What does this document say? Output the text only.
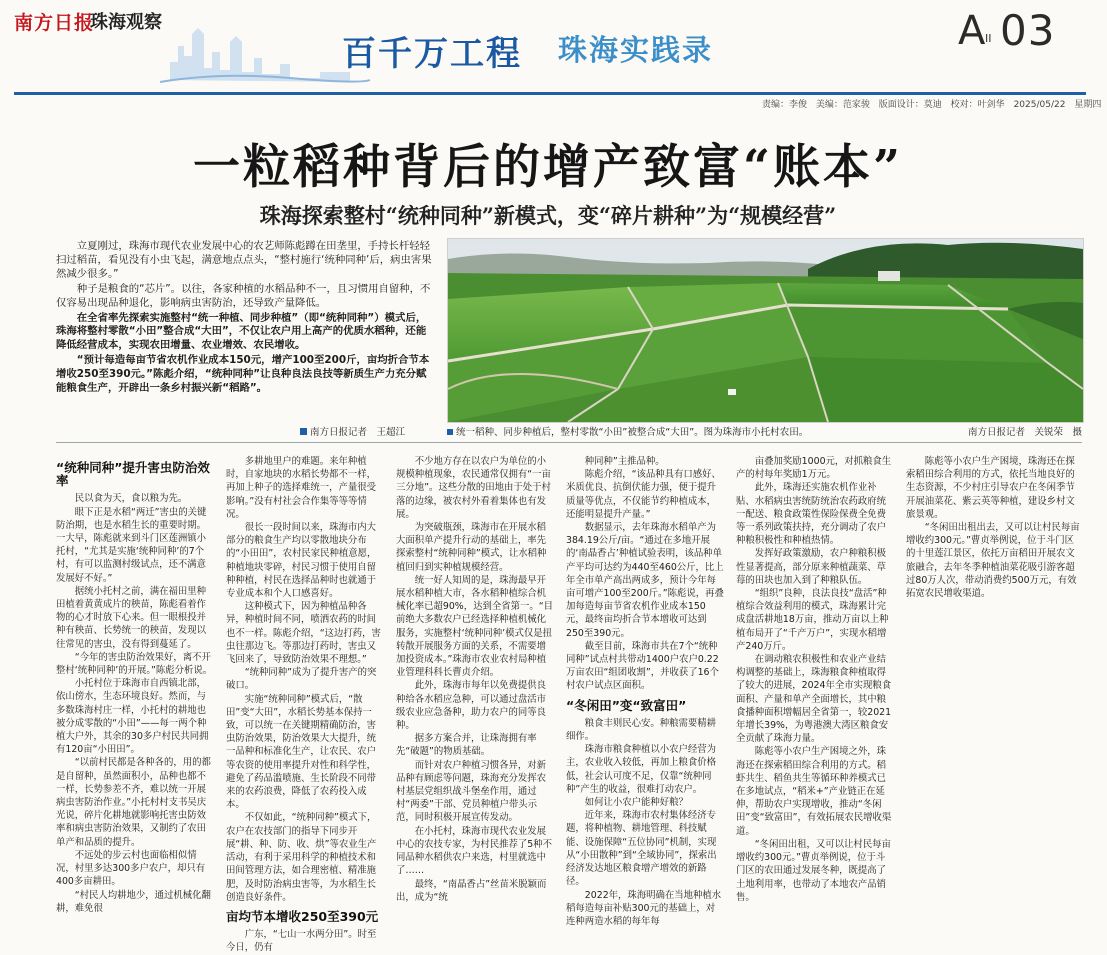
南方日报
珠海观察
百千万工程 珠海实践录	A II 03
责编：李俊 美编：范家骏 版面设计：莫迪 校对：叶剑华 2025/05/22 星期四
一粒稻种背后的增产致富“账本”
珠海探索整村“统种同种”新模式，变“碎片耕种”为“规模经营”

立夏刚过，珠海市现代农业发展中心的农艺师陈彪蹲在田垄里，手持长杆轻轻扫过稻苗，看见没有小虫飞起，满意地点点头，“整村施行‘统种同种’后，病虫害果然减少很多。”

种子是粮食的“芯片”。以往，各家种植的水稻品种不一，且习惯用自留种，不仅容易出现品种退化，影响病虫害防治，还导致产量降低。

在全省率先探索实施整村“统一种植、同步种植”（即“统种同种”）模式后，珠海将整村零散“小田”整合成“大田”，不仅让农户用上高产的优质水稻种，还能降低经营成本，实现农田增量、农业增效、农民增收。

“预计每造每亩节省农机作业成本150元，增产100至200斤，亩均折合节本增收250至390元。”陈彪介绍，“统种同种”让良种良法良技等新质生产力充分赋能粮食生产，开辟出一条乡村振兴新“稻路”。

南方日报记者　王超江	统一稻种、同步种植后，整村零散“小田”被整合成“大田”。图为珠海市小托村农田。	南方日报记者　关锐荣　摄
“统种同种”提升害虫防治效率

民以食为天，食以粮为先。

眼下正是水稻“两迁”害虫的关键防治期，也是水稻生长的重要时期。一大早，陈彪就来到斗门区莲洲镇小托村，“尤其是实施‘统种同种’的7个村，有可以监测村级试点，还不满意发展好不好。”

据统小托村之前，满在福田里种田植着黄黄成片的秧苗，陈彪看着作物的心才时放下心来。但一眼根投并种有秧苗、长势统一的秧苗，发现以往常见的害虫，没有得到蔓延了。

“今年的害虫防治效果好，离不开整村‘统种同种’的开展。”陈彪分析说。

小托村位于珠海市自西镇北部，依山傍水，生态环境良好。然而，与多数珠海村庄一样，小托村的耕地也被分成零散的“小田”——每一两个种植大户外，其余的30多户村民共同拥有120亩“小田田”。

“以前村民都是各种各的，用的都是自留种，虽然面积小，品种也都不一样，长势参差不齐，难以统一开展病虫害防治作业。”小托村村支书吴庆光说，碎片化耕地就影响托害虫防效率和病虫害防治效果，又制约了农田单产和品质的提升。

不远处的步云村也面临相似情况，村里多达300多户农户，却只有400多亩耕田。

“村民人均耕地少，通过机械化翻耕，难免很

多耕地里户的难题。来年种植时，自家地块的水稻长势都不一样，再加上种子的选择难统一，产量很受影响。”没有村社会合作集等等等情况。

很长一段时间以来，珠海市内大部分的粮食生产均以零散地块分布的“小田田”，农村民家民种植意愿，种植地块零碎，村民习惯于使用自留种种植，村民在选择品种时也就通于专业成本和个人口感喜好。

这种模式下，因为种植品种各异，种植时间不同，喷洒农药的时间也不一样。陈彪介绍，“这边打药，害虫往那边飞。等那边打药时，害虫又飞回来了，导致防治效果不理想。”

“统种同种”成为了提升害产的突破口。

实施“统种同种”模式后，“散田”变“大田”，水稻长势基本保持一致，可以统一在关键期精确防治，害虫防治效果，防治效果大大提升，统一品种和标准化生产，让农民、农户等农资的使用率提升对性和科学性，避免了药品滥喷施、生长阶段不同带来的农药浪费，降低了农药投入成本。

不仅如此，“统种同种”模式下，农户在农技部门的指导下同步开展“耕、种、防、收、烘”等农业生产活动，有利于采用科学的种植技术和田间管理方法，如合理密植、精准施肥，及时防治病虫害等，为水稻生长创造良好条件。

亩均节本增收250至390元

广东，“七山一水两分田”。时至今日，仍有

不少地方存在以农户为单位的小规模种植现象，农民通常仅拥有“一亩三分地”。这些分散的田地由于处于村落的边缘，被农村外看着集体也有发展。

为突破瓶颈，珠海市在开展水稻大面积单产提升行动的基础上，率先探索整村“统种同种”模式，让水稻种植回归到实种植规模经营。

统一好人知周的是，珠海最早开展水稻种植大市，各水稻种植综合机械化率已超90%，达到全省第一。“目前绝大多数农户已经选择种植机械化服务，实施整村‘统种同种’模式仅是扭转散开展服务方面的关系，不需要增加投资成本。”珠海市农业农村局种植业管理科科长曹贞介绍。

此外，珠海市每年以免费提供良种给各水稻应急种，可以通过盘活市级农业应急备种，助力农户的同等良种。

据多方案合并，让珠海拥有率先“破题”的物质基础。

而针对农户种植习惯各异，对新品种有顾虑等问题，珠海充分发挥农村基层党组织战斗堡垒作用，通过村“两委”干部、党员种植户带头示范，同时积极开展宣传发动。

在小托村，珠海市现代农业发展中心的农技专家，为村民推荐了5种不同品种水稻供农户来选，村里就选中了……

最终，“南晶香占”丝苗米脱颖而出，成为“统

种同种”主推品种。

陈彪介绍，“该品种具有口感好、米质优良、抗倒伏能力强，便于提升质量等优点，不仅能节约种植成本，还能明显提升产量。”

数据显示，去年珠海水稻单产为384.19公斤/亩。“通过在多地开展的‘南晶香占’种植试验表明，该品种单产平均可达约为440至460公斤，比上年全市单产高出两成多，预计今年每亩可增产100至200斤。”陈彪说，再叠加每造每亩节省农机作业成本150元，最终亩均折合节本增收可达到250至390元。

截至目前，珠海市共在7个“统种同种”试点村共带动1400户农户0.22万亩农田“组团收割”，并收获了16个村农户试点区面积。

“冬闲田”变“致富田”

粮食丰则民心安。种粮需要精耕细作。

珠海市粮食种植以小农户经营为主，农业收入较低，再加上粮食价格低，社会认可度不足，仅靠“统种同种”产生的收益，很难打动农户。

如何让小农户能种好粮？

近年来，珠海市农村集体经济专题，将种植物、耕地管理、科技赋能、设施保障“五位协同”机制，实现从“小田散种”到“全域协同”，探索出经济发达地区粮食增产增效的新路径。

2022年，珠海明确在当地种植水稻每造每亩补贴300元的基础上，对连种两造水稻的每年每

亩叠加奖励1000元，对抓粮食生产的村每年奖励1万元。

此外，珠海还实施农机作业补贴、水稻病虫害统防统治农药政府统一配送、粮食政策性保险保费全免费等一系列政策扶持，充分调动了农户种粮积极性和种植热情。

发挥好政策激励，农户种粮积极性显著提高，部分原来种植蔬菜、草莓的田块也加入到了种粮队伍。

“组织”良种，良法良技“盘活”种植综合效益利用的模式，珠海累计完成盘活耕地18万亩，推动万亩以上种植布局开了“千产万户”，实现水稻增产240万斤。

在调动粮农积极性和农业产业结构调整的基础上，珠海粮食种植取得了较大的进展，2024年全市实现粮食面积、产量和单产全面增长，其中粮食播种面积增幅居全省第一，较2021年增长39%，为粤港澳大湾区粮食安全贡献了珠海力量。

陈彪等小农户生产困境之外，珠海还在探索稻田综合利用的方式。稻虾共生、稻鱼共生等循环种养模式已在多地试点，“稻米+”产业链正在延伸，帮助农户实现增收，推动“冬闲田”变“致富田”，有效拓展农民增收渠道。

“冬闲田出租，又可以让村民每亩增收约300元。”曹贞举例说，位于斗门区的农田通过发展冬种，既提高了土地利用率，也带动了本地农产品销售。

陈彪等小农户生产困境，珠海还在探索稻田综合利用的方式，依托当地良好的生态资源，不少村庄引导农户在冬闲季节开展油菜花、紫云英等种植，建设乡村文旅景观。

“冬闲田出租出去，又可以让村民每亩增收约300元。”曹贞举例说，位于斗门区的十里莲江景区，依托万亩稻田开展农文旅融合，去年冬季种植油菜花吸引游客超过80万人次，带动消费约500万元，有效拓宽农民增收渠道。
